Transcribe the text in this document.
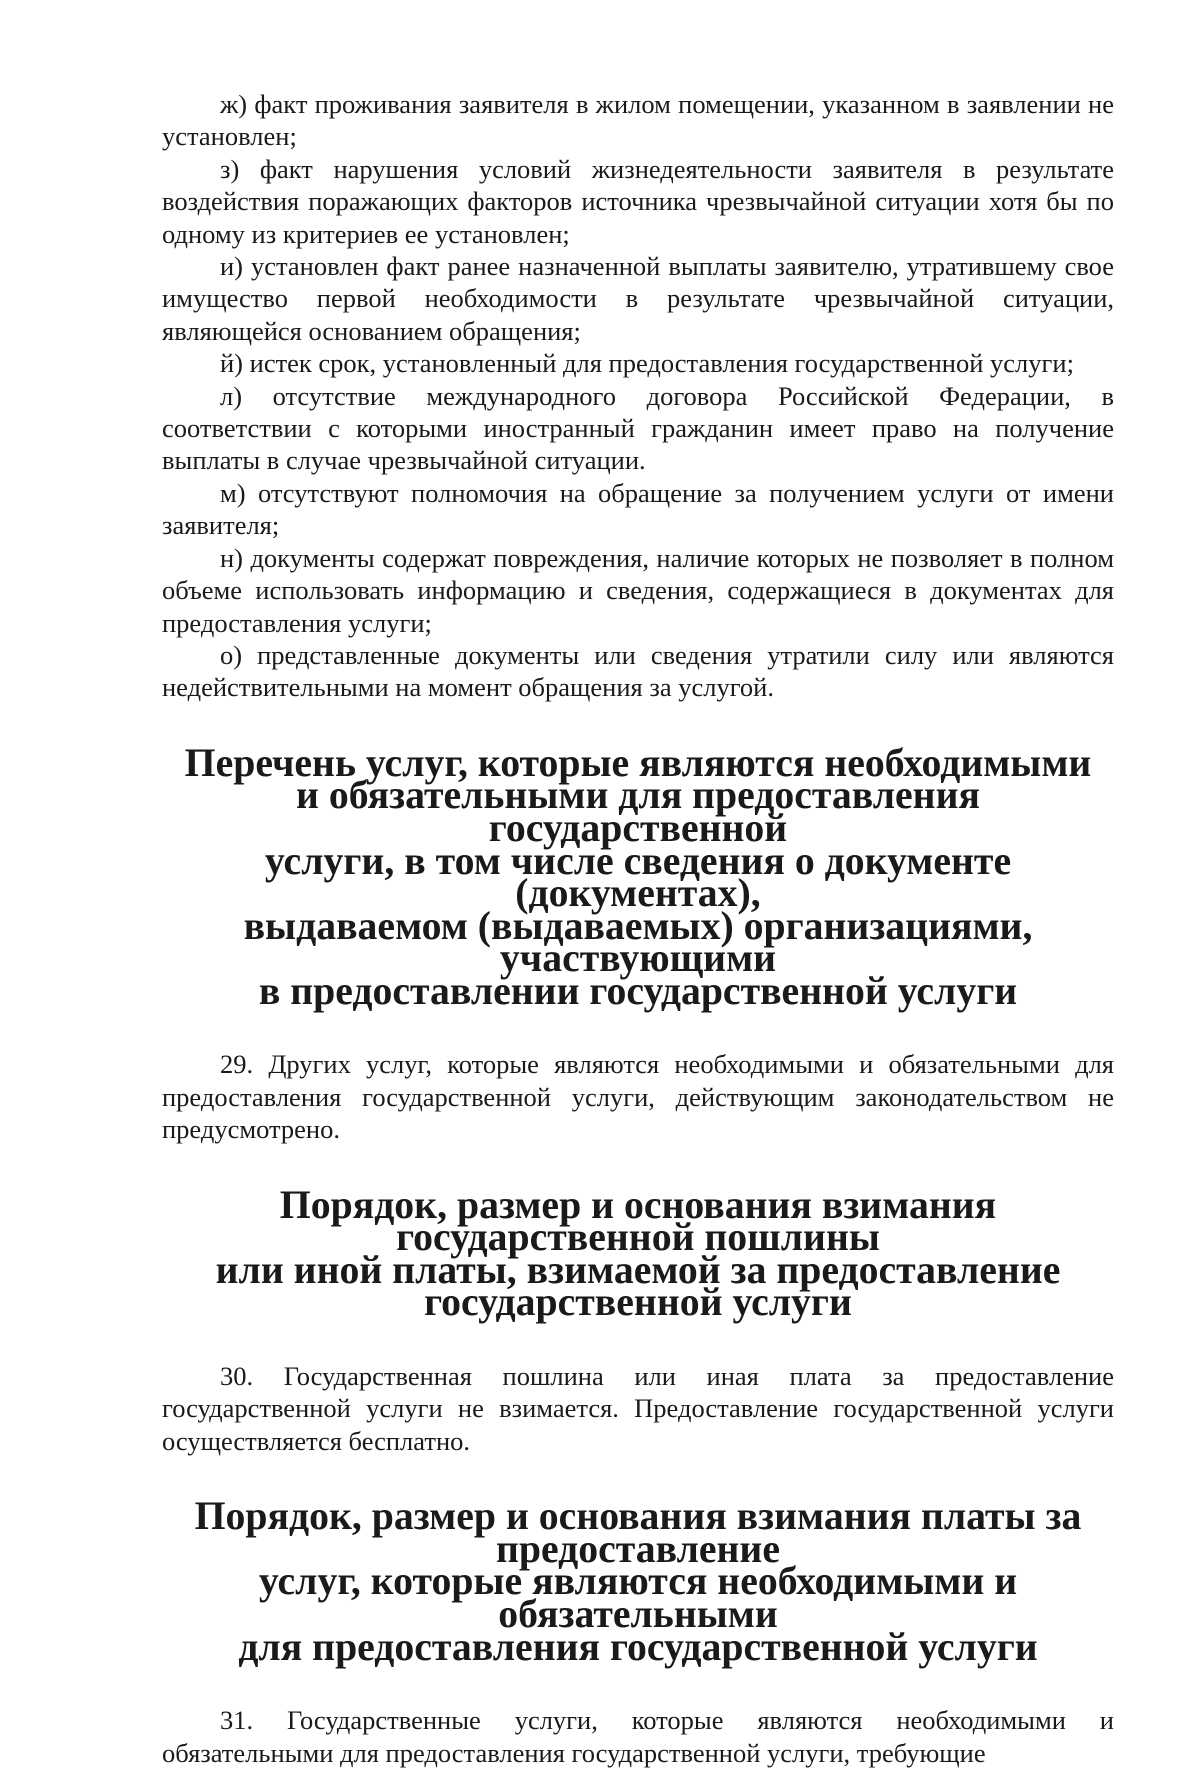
ж) факт проживания заявителя в жилом помещении, указанном в заявлении не установлен;

з) факт нарушения условий жизнедеятельности заявителя в результате воздействия поражающих факторов источника чрезвычайной ситуации хотя бы по одному из критериев ее установлен;

и) установлен факт ранее назначенной выплаты заявителю, утратившему свое имущество первой необходимости в результате чрезвычайной ситуации, являющейся основанием обращения;

й) истек срок, установленный для предоставления государственной услуги;

л) отсутствие международного договора Российской Федерации, в соответствии с которыми иностранный гражданин имеет право на получение выплаты в случае чрезвычайной ситуации.

м) отсутствуют полномочия на обращение за получением услуги от имени заявителя;

н) документы содержат повреждения, наличие которых не позволяет в полном объеме использовать информацию и сведения, содержащиеся в документах для предоставления услуги;

о) представленные документы или сведения утратили силу или являются недействительными на момент обращения за услугой.

Перечень услуг, которые являются необходимыми
и обязательными для предоставления государственной
услуги, в том числе сведения о документе (документах),
выдаваемом (выдаваемых) организациями, участвующими
в предоставлении государственной услуги

29. Других услуг, которые являются необходимыми и обязательными для предоставления государственной услуги, действующим законодательством не предусмотрено.

Порядок, размер и основания взимания государственной пошлины
или иной платы, взимаемой за предоставление
государственной услуги

30. Государственная пошлина или иная плата за предоставление государственной услуги не взимается. Предоставление государственной услуги осуществляется бесплатно.

Порядок, размер и основания взимания платы за предоставление
услуг, которые являются необходимыми и обязательными
для предоставления государственной услуги

31. Государственные услуги, которые являются необходимыми и обязательными для предоставления государственной услуги, требующие
